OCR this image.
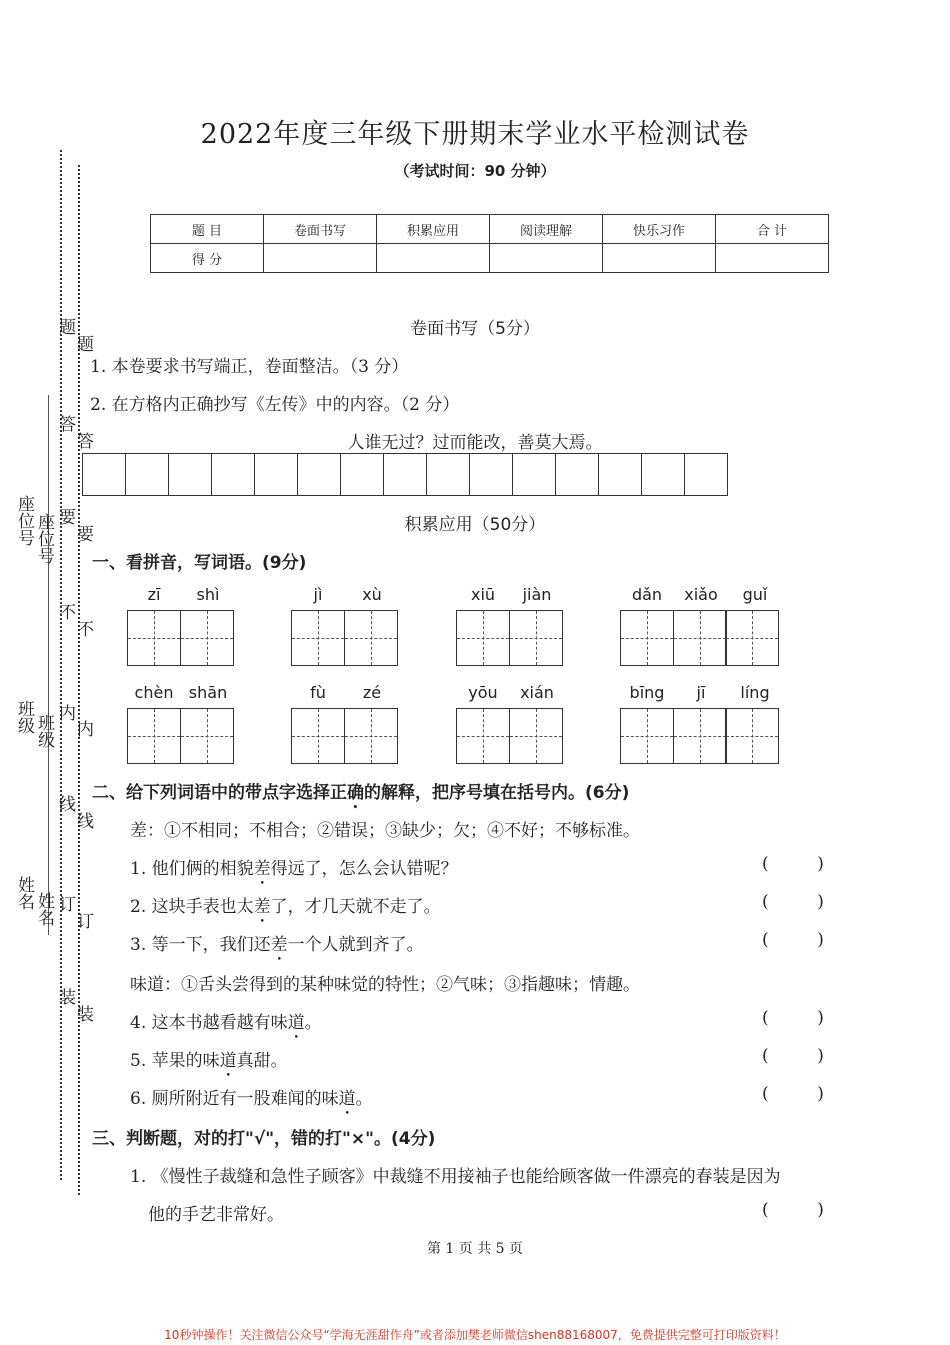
座位号 座位号
班级 班级
姓名 姓名
题
题
答
答
要
要
不
不
内
内
线
线
订
订
装
装
2022年度三年级下册期末学业水平检测试卷
（考试时间：90 分钟）
题 目	卷面书写	积累应用	阅读理解	快乐习作	合 计
得 分					
卷面书写（5分）
1. 本卷要求书写端正，卷面整洁。（3 分）
2. 在方格内正确抄写《左传》中的内容。（2 分）
人谁无过？过而能改，善莫大焉。
积累应用（50分）
一、看拼音，写词语。(9分)
zī	shì	jì	xù	xiū	jiàn	dǎn	xiǎo	guǐ
chèn shān	fù	zé	yōu	xián	bīng	jī	líng
二、给下列词语中的带点字选择正确的解释，把序号填在括号内。(6分)
差：①不相同；不相合；②错误；③缺少；欠；④不好；不够标准。
1. 他们俩的相貌差得远了，怎么会认错呢？	(         )
2. 这块手表也太差了，才几天就不走了。	(         )
3. 等一下，我们还差一个人就到齐了。	(         )
味道：①舌头尝得到的某种味觉的特性；②气味；③指趣味；情趣。
4. 这本书越看越有味道。	(         )
5. 苹果的味道真甜。	(         )
6. 厕所附近有一股难闻的味道。	(         )
三、判断题，对的打"√"，错的打"×"。(4分)
1. 《慢性子裁缝和急性子顾客》中裁缝不用接袖子也能给顾客做一件漂亮的春装是因为
他的手艺非常好。	(         )
第 1 页 共 5 页
10秒钟操作！关注微信公众号“学海无涯甜作舟”或者添加樊老师微信shen88168007，免费提供完整可打印版资料！
